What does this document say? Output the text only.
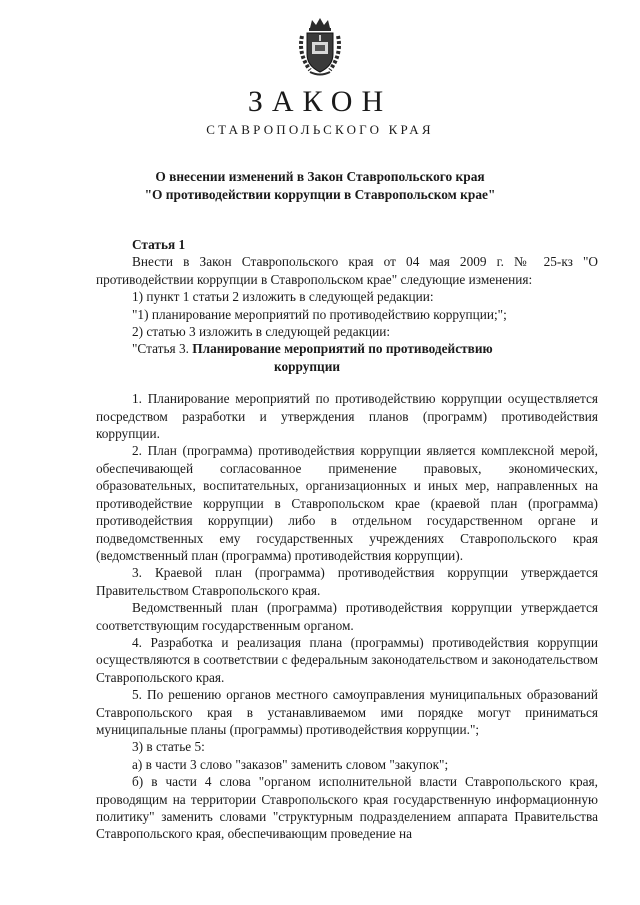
ЗАКОН
СТАВРОПОЛЬСКОГО КРАЯ
О внесении изменений в Закон Ставропольского края
"О противодействии коррупции в Ставропольском крае"

Статья 1

Внести в Закон Ставропольского края от 04 мая 2009 г. № 25-кз "О противодействии коррупции в Ставропольском крае" следующие изменения:

1) пункт 1 статьи 2 изложить в следующей редакции:

"1) планирование мероприятий по противодействию коррупции;";

2) статью 3 изложить в следующей редакции:

"Статья 3. Планирование мероприятий по противодействию

коррупции

1. Планирование мероприятий по противодействию коррупции осуществляется посредством разработки и утверждения планов (программ) противодействия коррупции.

2. План (программа) противодействия коррупции является комплексной мерой, обеспечивающей согласованное применение правовых, экономических, образовательных, воспитательных, организационных и иных мер, направленных на противодействие коррупции в Ставропольском крае (краевой план (программа) противодействия коррупции) либо в отдельном государственном органе и подведомственных ему государственных учреждениях Ставропольского края (ведомственный план (программа) противодействия коррупции).

3. Краевой план (программа) противодействия коррупции утверждается Правительством Ставропольского края.

Ведомственный план (программа) противодействия коррупции утверждается соответствующим государственным органом.

4. Разработка и реализация плана (программы) противодействия коррупции осуществляются в соответствии с федеральным законодательством и законодательством Ставропольского края.

5. По решению органов местного самоуправления муниципальных образований Ставропольского края в устанавливаемом ими порядке могут приниматься муниципальные планы (программы) противодействия коррупции.";

3) в статье 5:

а) в части 3 слово "заказов" заменить словом "закупок";

б) в части 4 слова "органом исполнительной власти Ставропольского края, проводящим на территории Ставропольского края государственную информационную политику" заменить словами "структурным подразделением аппарата Правительства Ставропольского края, обеспечивающим проведение на
